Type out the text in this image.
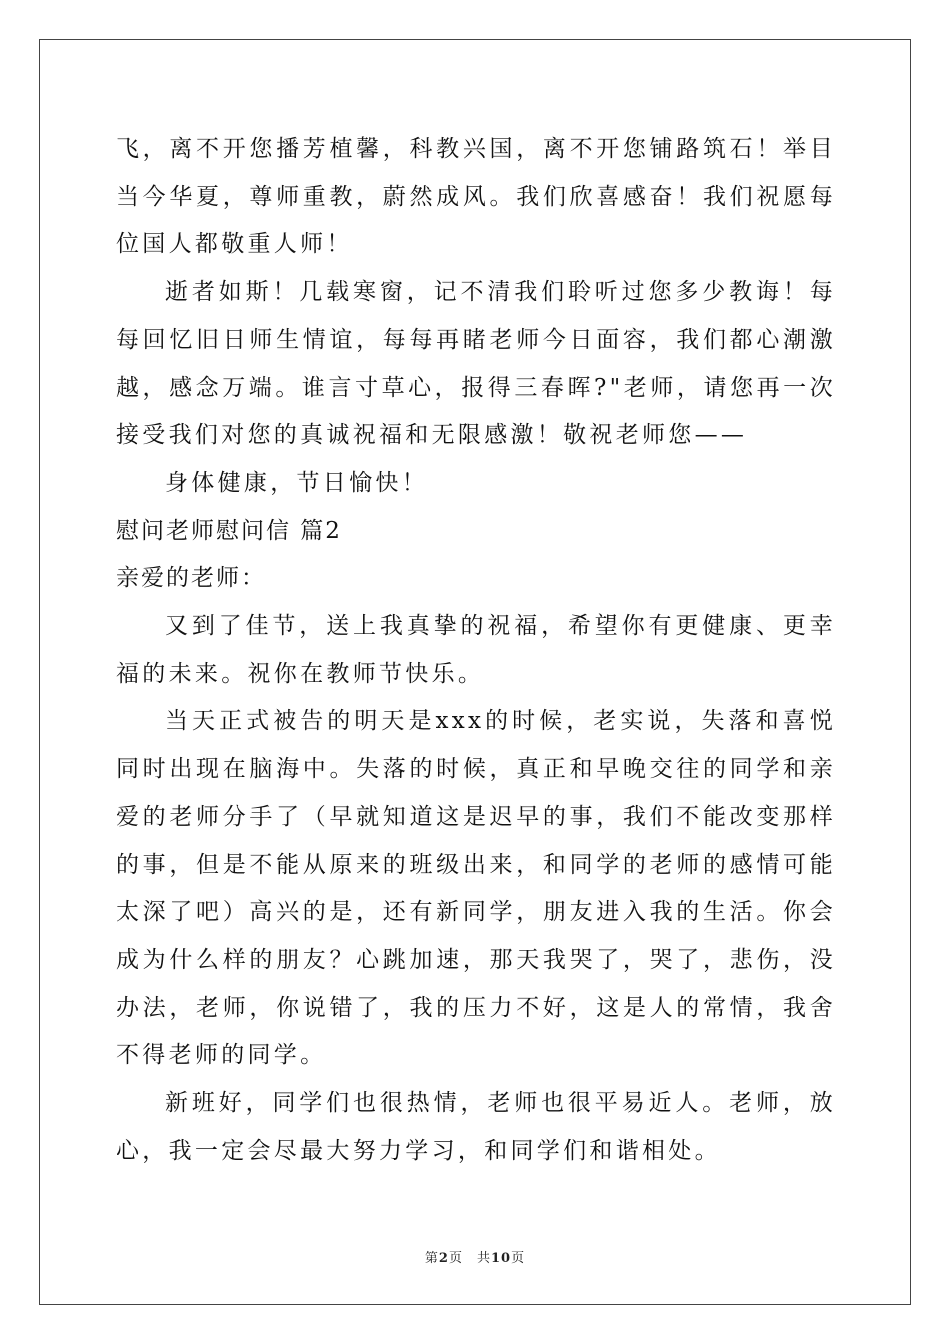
飞，离不开您播芳植馨，科教兴国，离不开您铺路筑石！举目当今华夏，尊师重教，蔚然成风。我们欣喜感奋！我们祝愿每位国人都敬重人师！

逝者如斯！几载寒窗，记不清我们聆听过您多少教诲！每每回忆旧日师生情谊，每每再睹老师今日面容，我们都心潮激越，感念万端。谁言寸草心，报得三春晖?"老师，请您再一次接受我们对您的真诚祝福和无限感激！敬祝老师您——

身体健康，节日愉快！

慰问老师慰问信 篇2

亲爱的老师：

又到了佳节，送上我真挚的祝福，希望你有更健康、更幸福的未来。祝你在教师节快乐。

当天正式被告的明天是xxx的时候，老实说，失落和喜悦同时出现在脑海中。失落的时候，真正和早晚交往的同学和亲爱的老师分手了（早就知道这是迟早的事，我们不能改变那样的事，但是不能从原来的班级出来，和同学的老师的感情可能太深了吧）高兴的是，还有新同学，朋友进入我的生活。你会成为什么样的朋友？心跳加速，那天我哭了，哭了，悲伤，没办法，老师，你说错了，我的压力不好，这是人的常情，我舍不得老师的同学。

新班好，同学们也很热情，老师也很平易近人。老师，放心，我一定会尽最大努力学习，和同学们和谐相处。

第2页 共10页
